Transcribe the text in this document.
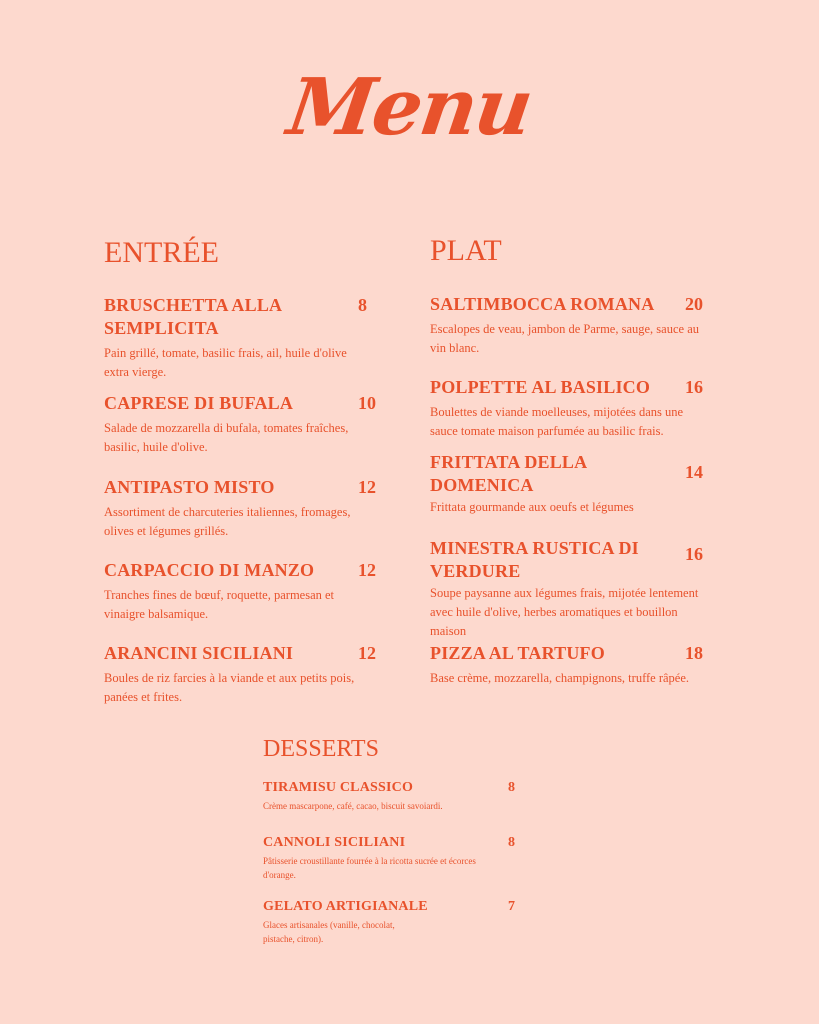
Menu
ENTRÉE
BRUSCHETTA ALLA SEMPLICITA
8
Pain grillé, tomate, basilic frais, ail, huile d'olive extra vierge.
CAPRESE DI BUFALA	10
Salade de mozzarella di bufala, tomates fraîches, basilic, huile d'olive.
ANTIPASTO MISTO	12
Assortiment de charcuteries italiennes, fromages, olives et légumes grillés.
CARPACCIO DI MANZO	12
Tranches fines de bœuf, roquette, parmesan et vinaigre balsamique.
ARANCINI SICILIANI	12
Boules de riz farcies à la viande et aux petits pois, panées et frites.
PLAT
SALTIMBOCCA ROMANA	20
Escalopes de veau, jambon de Parme, sauge, sauce au vin blanc.
POLPETTE AL BASILICO	16
Boulettes de viande moelleuses, mijotées dans une sauce tomate maison parfumée au basilic frais.
FRITTATA DELLA DOMENICA
14
Frittata gourmande aux oeufs et légumes
MINESTRA RUSTICA DI VERDURE
16
Soupe paysanne aux légumes frais, mijotée lentement avec huile d'olive, herbes aromatiques et bouillon maison
PIZZA AL TARTUFO	18
Base crème, mozzarella, champignons, truffe râpée.
DESSERTS
TIRAMISU CLASSICO	8
Crème mascarpone, café, cacao, biscuit savoiardi.
CANNOLI SICILIANI	8
Pâtisserie croustillante fourrée à la ricotta sucrée et écorces d'orange.
GELATO ARTIGIANALE	7
Glaces artisanales (vanille, chocolat, pistache, citron).
